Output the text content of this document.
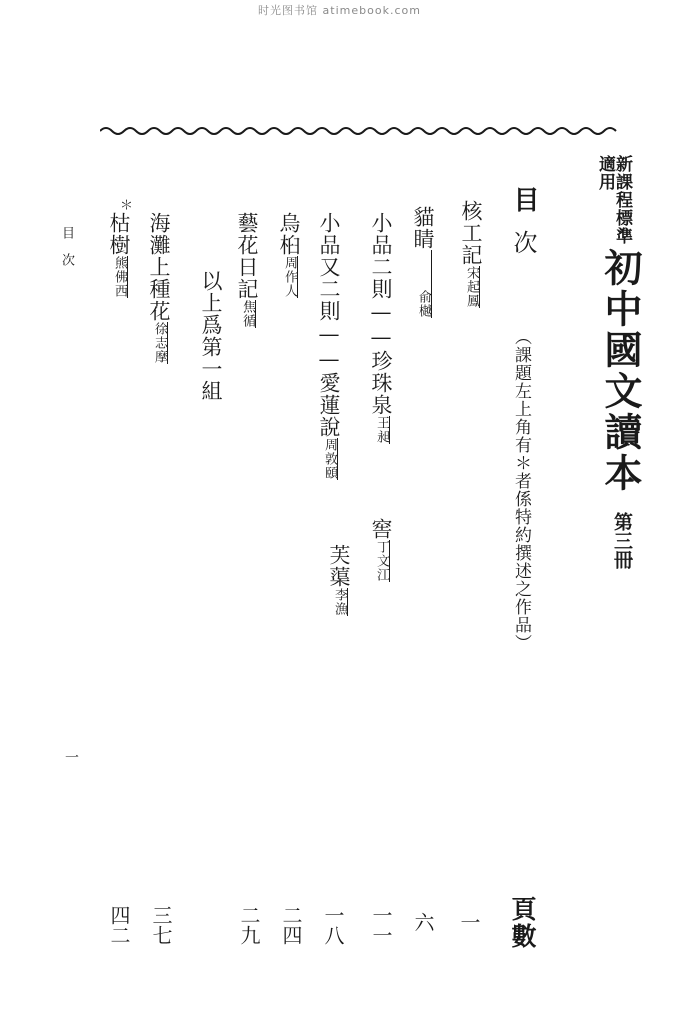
时光图书馆 atimebook.com
新課程標準適用
初中國文讀本
第三冊
目
次
（課題左上角有＊者係特約撰述之作品）
核工記宋起鳳
貓睛俞樾
小品二則——珍珠泉王昶
窖丁文江
小品又二則——愛蓮說周敦頤
芙蕖李漁
烏桕周作人
藝花日記焦循
以上爲第一組
海灘上種花徐志摩
＊
枯樹熊佛西
頁數
一
六
一一
一八
二四
二九
三七
四二
目次
一
